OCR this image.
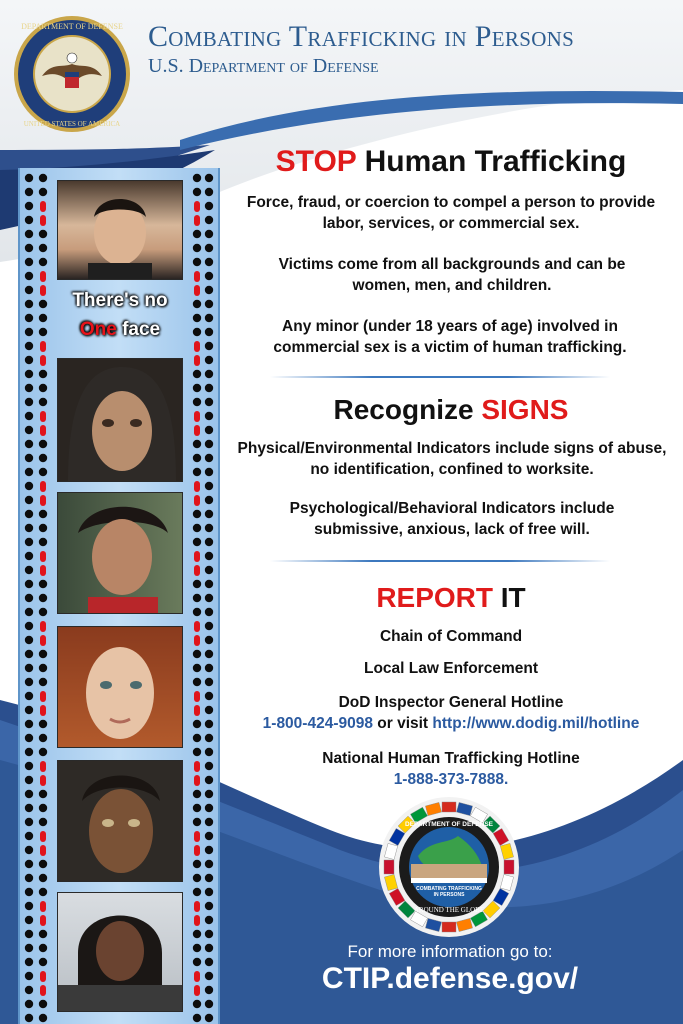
DEPARTMENT OF DEFENSE
UNITED STATES OF AMERICA
Combating Trafficking in Persons
U.S. Department of Defense
There's no
One face
STOP Human Trafficking
Force, fraud, or coercion to compel a person to provide labor, services, or commercial sex.
Victims come from all backgrounds and can be women, men, and children.
Any minor (under 18 years of age) involved in commercial sex is a victim of human trafficking.
Recognize SIGNS
Physical/Environmental Indicators include signs of abuse, no identification, confined to worksite.
Psychological/Behavioral Indicators include submissive, anxious, lack of free will.
REPORT IT
Chain of Command
Local Law Enforcement
DoD Inspector General Hotline
1-800-424-9098 or visit http://www.dodig.mil/hotline
National Human Trafficking Hotline
1-888-373-7888.
DEPARTMENT OF DEFENSE
COMBATING TRAFFICKING
IN PERSONS
AROUND THE GLOBE
For more information go to:
CTIP.defense.gov/
